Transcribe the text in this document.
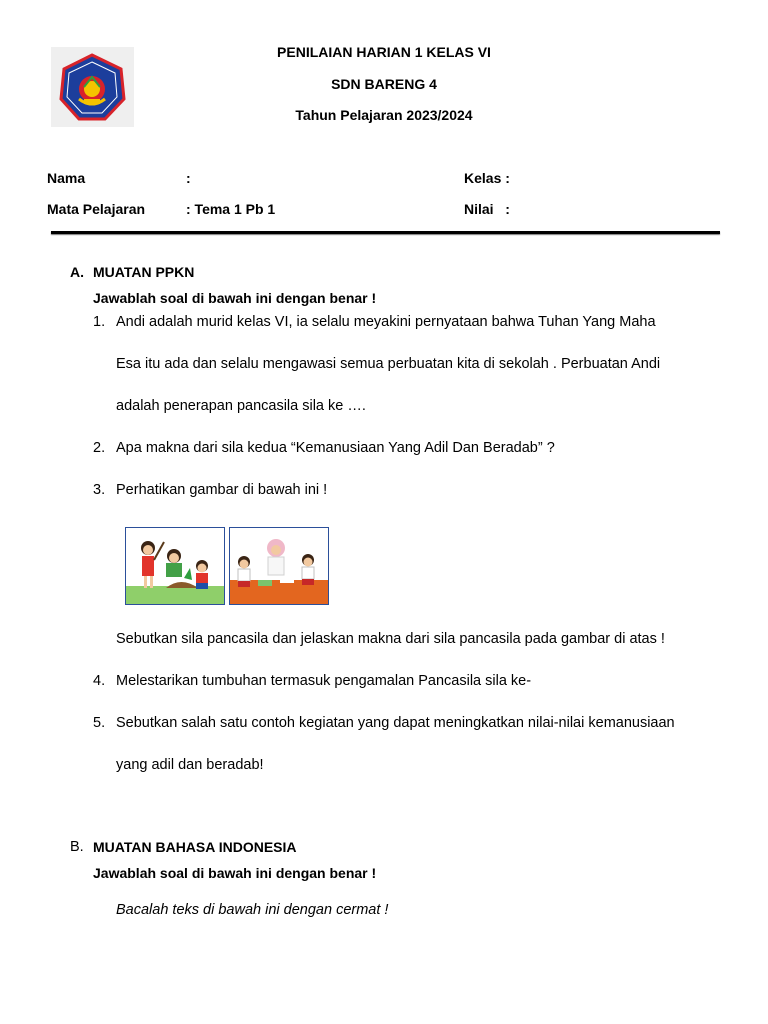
PENILAIAN HARIAN 1 KELAS VI
SDN BARENG 4
Tahun Pelajaran 2023/2024
Nama	:	Kelas :
Mata Pelajaran	: Tema 1 Pb 1	Nilai   :
A. MUATAN PPKN
Jawablah soal di bawah ini dengan benar !
1. Andi adalah murid kelas VI, ia selalu meyakini pernyataan bahwa Tuhan Yang Maha
Esa itu ada dan selalu mengawasi semua perbuatan kita di sekolah . Perbuatan Andi
adalah penerapan pancasila sila ke ….
2. Apa makna dari sila kedua “Kemanusiaan Yang Adil Dan Beradab” ?
3. Perhatikan gambar di bawah ini !
Sebutkan sila pancasila dan jelaskan makna dari sila pancasila pada gambar di atas !
4. Melestarikan tumbuhan termasuk pengamalan Pancasila sila ke-
5. Sebutkan salah satu contoh kegiatan yang dapat meningkatkan nilai-nilai kemanusiaan
yang adil dan beradab!
B. MUATAN BAHASA INDONESIA
Jawablah soal di bawah ini dengan benar !
Bacalah teks di bawah ini dengan cermat !
